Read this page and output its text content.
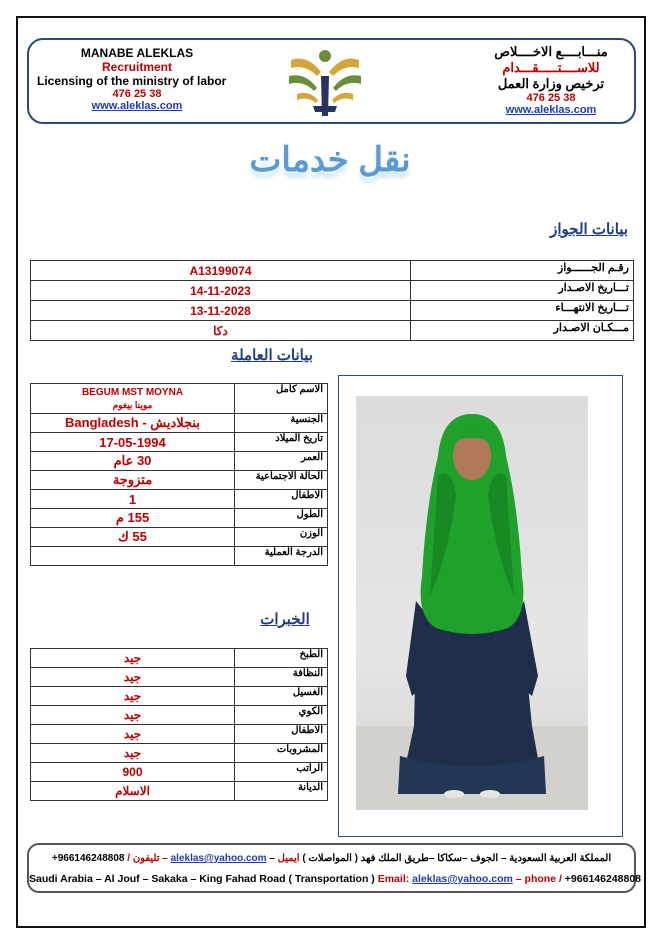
MANABE ALEKLAS
Recruitment
Licensing of the ministry of labor
476 25 38
www.aleklas.com
منـــابــــع الاخــــلاص
للاســــتـــــقـــدام
ترخيص وزارة العمل
476 25 38
www.aleklas.com
نقل خدمات
بيانات الجواز
A13199074	رقـم الجــــــواز
14-11-2023	تـــاريخ الاصـدار
13-11-2028	تـــاريخ الانتهـــاء
دكا	مـــكـان الاصـدار
بيانات العاملة
BEGUM MST MOYNA
موينا بيغوم	الاسم كامل
Bangladesh - بنجلاديش	الجنسية
17-05-1994	تاريخ الميلاد
30 عام	العمر
متزوجة	الحالة الاجتماعية
1	الاطفال
155 م	الطول
55 ك	الوزن
	الدرجة العملية
الخبرات
جيد	الطبخ
جيد	النظافة
جيد	الغسيل
جيد	الكوي
جيد	الاطفال
جيد	المشروبات
900	الراتب
الاسلام	الديانة
المملكة العربية السعودية – الجوف –سكاكا –طريق الملك فهد ( المواصلات ) ايميل – aleklas@yahoo.com – تليفون / 966146248808+
Saudi Arabia – Al Jouf – Sakaka – King Fahad Road ( Transportation ) Email: aleklas@yahoo.com – phone / +966146248808
